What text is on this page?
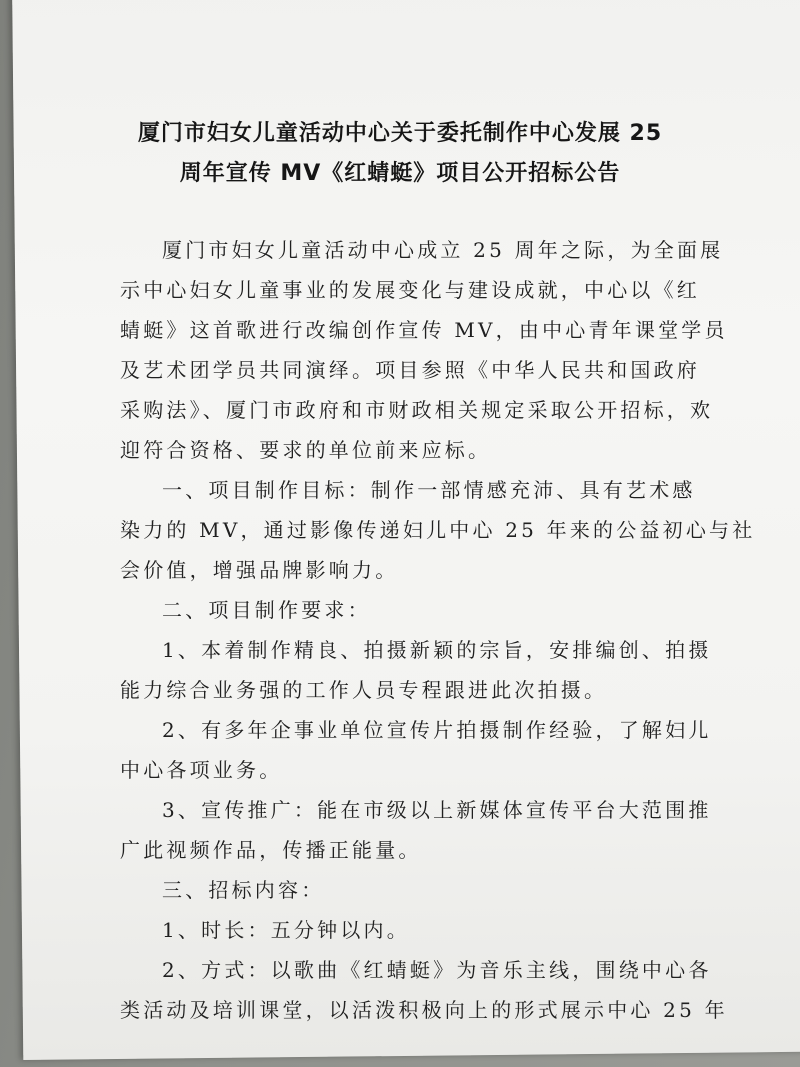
厦门市妇女儿童活动中心关于委托制作中心发展 25
周年宣传 MV《红蜻蜓》项目公开招标公告
厦门市妇女儿童活动中心成立 25 周年之际，为全面展
示中心妇女儿童事业的发展变化与建设成就，中心以《红
蜻蜓》这首歌进行改编创作宣传 MV，由中心青年课堂学员
及艺术团学员共同演绎。项目参照《中华人民共和国政府
采购法》、厦门市政府和市财政相关规定采取公开招标，欢
迎符合资格、要求的单位前来应标。
一、项目制作目标：制作一部情感充沛、具有艺术感
染力的 MV，通过影像传递妇儿中心 25 年来的公益初心与社
会价值，增强品牌影响力。
二、项目制作要求：
1、本着制作精良、拍摄新颖的宗旨，安排编创、拍摄
能力综合业务强的工作人员专程跟进此次拍摄。
2、有多年企事业单位宣传片拍摄制作经验，了解妇儿
中心各项业务。
3、宣传推广：能在市级以上新媒体宣传平台大范围推
广此视频作品，传播正能量。
三、招标内容：
1、时长：五分钟以内。
2、方式：以歌曲《红蜻蜓》为音乐主线，围绕中心各
类活动及培训课堂，以活泼积极向上的形式展示中心 25 年
